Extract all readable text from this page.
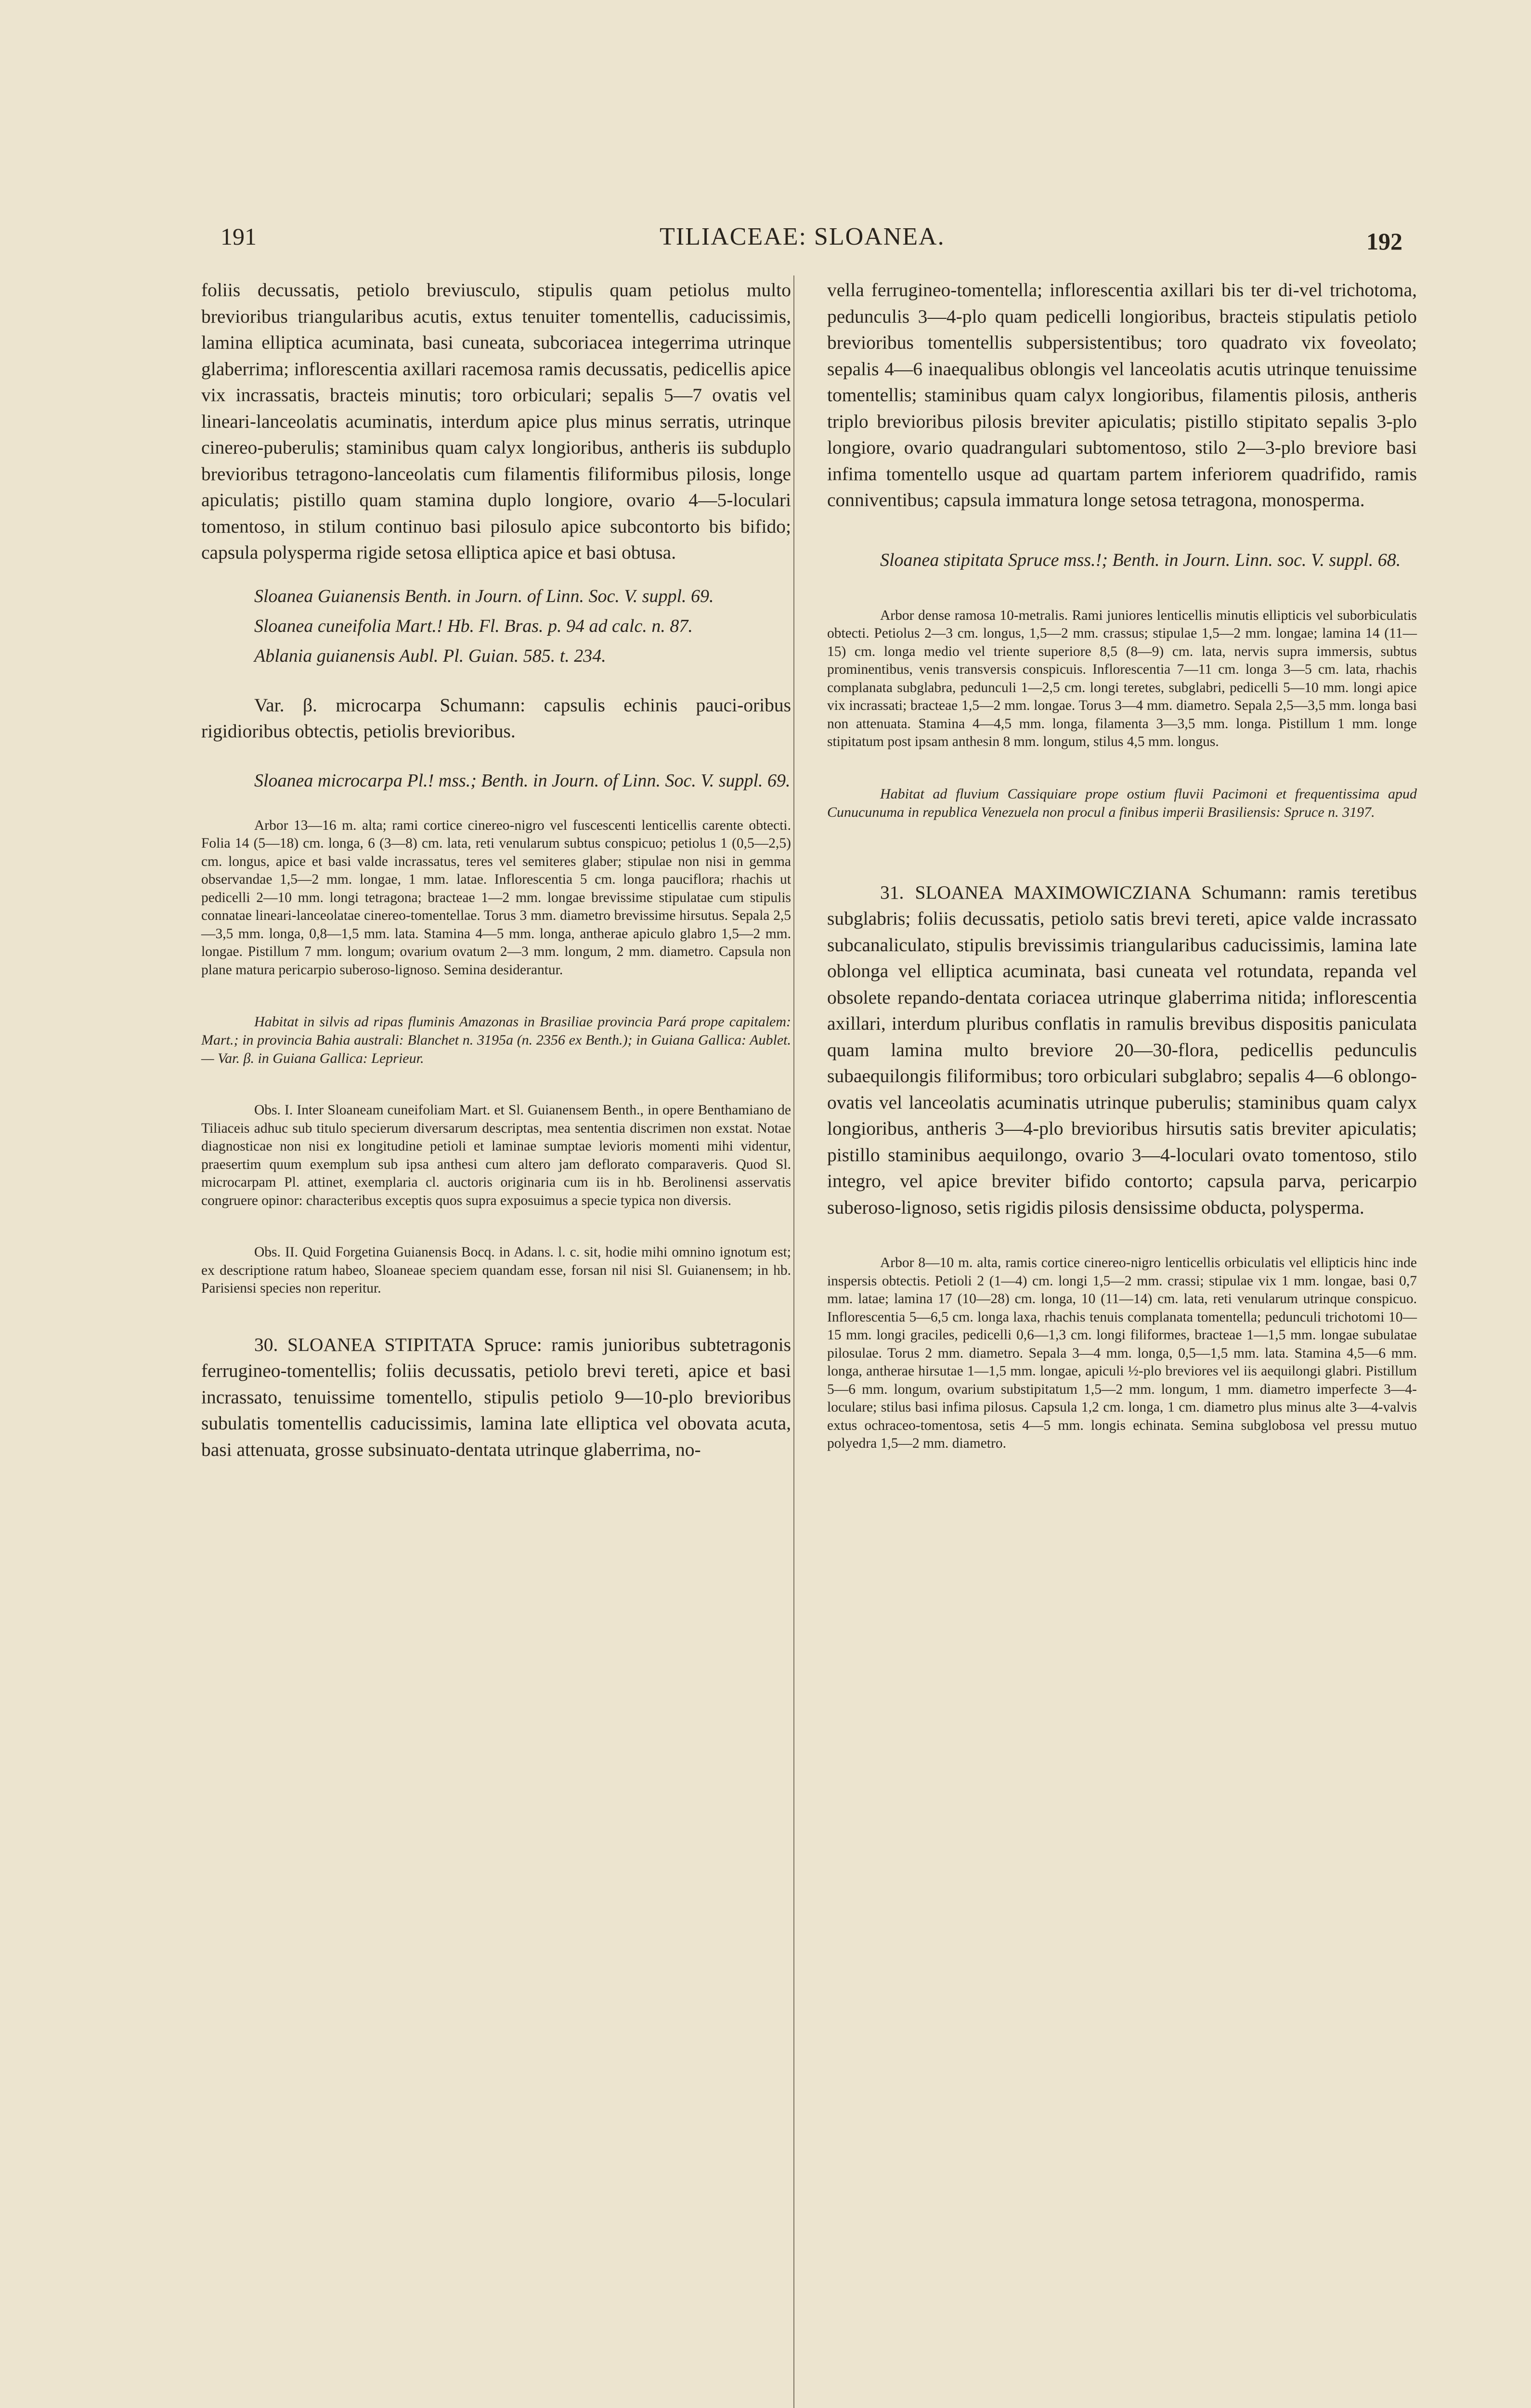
191	TILIACEAE: SLOANEA.	192

foliis decussatis, petiolo breviusculo, stipulis quam petiolus multo brevioribus triangularibus acutis, extus tenuiter tomentellis, caducissimis, lamina elliptica acuminata, basi cuneata, subcoriacea integerrima utrinque glaberrima; inflorescentia axillari racemosa ramis decussatis, pedicellis apice vix incrassatis, bracteis minutis; toro orbiculari; sepalis 5—7 ovatis vel lineari-lanceolatis acuminatis, interdum apice plus minus serratis, utrinque cinereo-puberulis; staminibus quam calyx longioribus, antheris iis subduplo brevioribus tetragono-lanceolatis cum filamentis filiformibus pilosis, longe apiculatis; pistillo quam stamina duplo longiore, ovario 4—5-loculari tomentoso, in stilum continuo basi pilosulo apice subcontorto bis bifido; capsula polysperma rigide setosa elliptica apice et basi obtusa.

Sloanea Guianensis Benth. in Journ. of Linn. Soc. V. suppl. 69.

Sloanea cuneifolia Mart.! Hb. Fl. Bras. p. 94 ad calc. n. 87.

Ablania guianensis Aubl. Pl. Guian. 585. t. 234.

Var. β. microcarpa Schumann: capsulis echinis pauci-oribus rigidioribus obtectis, petiolis brevioribus.

Sloanea microcarpa Pl.! mss.; Benth. in Journ. of Linn. Soc. V. suppl. 69.

Arbor 13—16 m. alta; rami cortice cinereo-nigro vel fuscescenti lenticellis carente obtecti. Folia 14 (5—18) cm. longa, 6 (3—8) cm. lata, reti venularum subtus conspicuo; petiolus 1 (0,5—2,5) cm. longus, apice et basi valde incrassatus, teres vel semiteres glaber; stipulae non nisi in gemma observandae 1,5—2 mm. longae, 1 mm. latae. Inflorescentia 5 cm. longa pauciflora; rhachis ut pedicelli 2—10 mm. longi tetragona; bracteae 1—2 mm. longae brevissime stipulatae cum stipulis connatae lineari-lanceolatae cinereo-tomentellae. Torus 3 mm. diametro brevissime hirsutus. Sepala 2,5—3,5 mm. longa, 0,8—1,5 mm. lata. Stamina 4—5 mm. longa, antherae apiculo glabro 1,5—2 mm. longae. Pistillum 7 mm. longum; ovarium ovatum 2—3 mm. longum, 2 mm. diametro. Capsula non plane matura pericarpio suberoso-lignoso. Semina desiderantur.

Habitat in silvis ad ripas fluminis Amazonas in Brasiliae provincia Pará prope capitalem: Mart.; in provincia Bahia australi: Blanchet n. 3195a (n. 2356 ex Benth.); in Guiana Gallica: Aublet. — Var. β. in Guiana Gallica: Leprieur.

Obs. I. Inter Sloaneam cuneifoliam Mart. et Sl. Guianensem Benth., in opere Benthamiano de Tiliaceis adhuc sub titulo specierum diversarum descriptas, mea sententia discrimen non exstat. Notae diagnosticae non nisi ex longitudine petioli et laminae sumptae levioris momenti mihi videntur, praesertim quum exemplum sub ipsa anthesi cum altero jam deflorato comparaveris. Quod Sl. microcarpam Pl. attinet, exemplaria cl. auctoris originaria cum iis in hb. Berolinensi asservatis congruere opinor: characteribus exceptis quos supra exposuimus a specie typica non diversis.

Obs. II. Quid Forgetina Guianensis Bocq. in Adans. l. c. sit, hodie mihi omnino ignotum est; ex descriptione ratum habeo, Sloaneae speciem quandam esse, forsan nil nisi Sl. Guianensem; in hb. Parisiensi species non reperitur.

30. SLOANEA STIPITATA Spruce: ramis junioribus subtetragonis ferrugineo-tomentellis; foliis decussatis, petiolo brevi tereti, apice et basi incrassato, tenuissime tomentello, stipulis petiolo 9—10-plo brevioribus subulatis tomentellis caducissimis, lamina late elliptica vel obovata acuta, basi attenuata, grosse subsinuato-dentata utrinque glaberrima, no-

vella ferrugineo-tomentella; inflorescentia axillari bis ter di-vel trichotoma, pedunculis 3—4-plo quam pedicelli longioribus, bracteis stipulatis petiolo brevioribus tomentellis subpersistentibus; toro quadrato vix foveolato; sepalis 4—6 inaequalibus oblongis vel lanceolatis acutis utrinque tenuissime tomentellis; staminibus quam calyx longioribus, filamentis pilosis, antheris triplo brevioribus pilosis breviter apiculatis; pistillo stipitato sepalis 3-plo longiore, ovario quadrangulari subtomentoso, stilo 2—3-plo breviore basi infima tomentello usque ad quartam partem inferiorem quadrifido, ramis conniventibus; capsula immatura longe setosa tetragona, monosperma.

Sloanea stipitata Spruce mss.!; Benth. in Journ. Linn. soc. V. suppl. 68.

Arbor dense ramosa 10-metralis. Rami juniores lenticellis minutis ellipticis vel suborbiculatis obtecti. Petiolus 2—3 cm. longus, 1,5—2 mm. crassus; stipulae 1,5—2 mm. longae; lamina 14 (11—15) cm. longa medio vel triente superiore 8,5 (8—9) cm. lata, nervis supra immersis, subtus prominentibus, venis transversis conspicuis. Inflorescentia 7—11 cm. longa 3—5 cm. lata, rhachis complanata subglabra, pedunculi 1—2,5 cm. longi teretes, subglabri, pedicelli 5—10 mm. longi apice vix incrassati; bracteae 1,5—2 mm. longae. Torus 3—4 mm. diametro. Sepala 2,5—3,5 mm. longa basi non attenuata. Stamina 4—4,5 mm. longa, filamenta 3—3,5 mm. longa. Pistillum 1 mm. longe stipitatum post ipsam anthesin 8 mm. longum, stilus 4,5 mm. longus.

Habitat ad fluvium Cassiquiare prope ostium fluvii Pacimoni et frequentissima apud Cunucunuma in republica Venezuela non procul a finibus imperii Brasiliensis: Spruce n. 3197.

31. SLOANEA MAXIMOWICZIANA Schumann: ramis teretibus subglabris; foliis decussatis, petiolo satis brevi tereti, apice valde incrassato subcanaliculato, stipulis brevissimis triangularibus caducissimis, lamina late oblonga vel elliptica acuminata, basi cuneata vel rotundata, repanda vel obsolete repando-dentata coriacea utrinque glaberrima nitida; inflorescentia axillari, interdum pluribus conflatis in ramulis brevibus dispositis paniculata quam lamina multo breviore 20—30-flora, pedicellis pedunculis subaequilongis filiformibus; toro orbiculari subglabro; sepalis 4—6 oblongo-ovatis vel lanceolatis acuminatis utrinque puberulis; staminibus quam calyx longioribus, antheris 3—4-plo brevioribus hirsutis satis breviter apiculatis; pistillo staminibus aequilongo, ovario 3—4-loculari ovato tomentoso, stilo integro, vel apice breviter bifido contorto; capsula parva, pericarpio suberoso-lignoso, setis rigidis pilosis densissime obducta, polysperma.

Arbor 8—10 m. alta, ramis cortice cinereo-nigro lenticellis orbiculatis vel ellipticis hinc inde inspersis obtectis. Petioli 2 (1—4) cm. longi 1,5—2 mm. crassi; stipulae vix 1 mm. longae, basi 0,7 mm. latae; lamina 17 (10—28) cm. longa, 10 (11—14) cm. lata, reti venularum utrinque conspicuo. Inflorescentia 5—6,5 cm. longa laxa, rhachis tenuis complanata tomentella; pedunculi trichotomi 10—15 mm. longi graciles, pedicelli 0,6—1,3 cm. longi filiformes, bracteae 1—1,5 mm. longae subulatae pilosulae. Torus 2 mm. diametro. Sepala 3—4 mm. longa, 0,5—1,5 mm. lata. Stamina 4,5—6 mm. longa, antherae hirsutae 1—1,5 mm. longae, apiculi ½-plo breviores vel iis aequilongi glabri. Pistillum 5—6 mm. longum, ovarium substipitatum 1,5—2 mm. longum, 1 mm. diametro imperfecte 3—4-loculare; stilus basi infima pilosus. Capsula 1,2 cm. longa, 1 cm. diametro plus minus alte 3—4-valvis extus ochraceo-tomentosa, setis 4—5 mm. longis echinata. Semina subglobosa vel pressu mutuo polyedra 1,5—2 mm. diametro.
